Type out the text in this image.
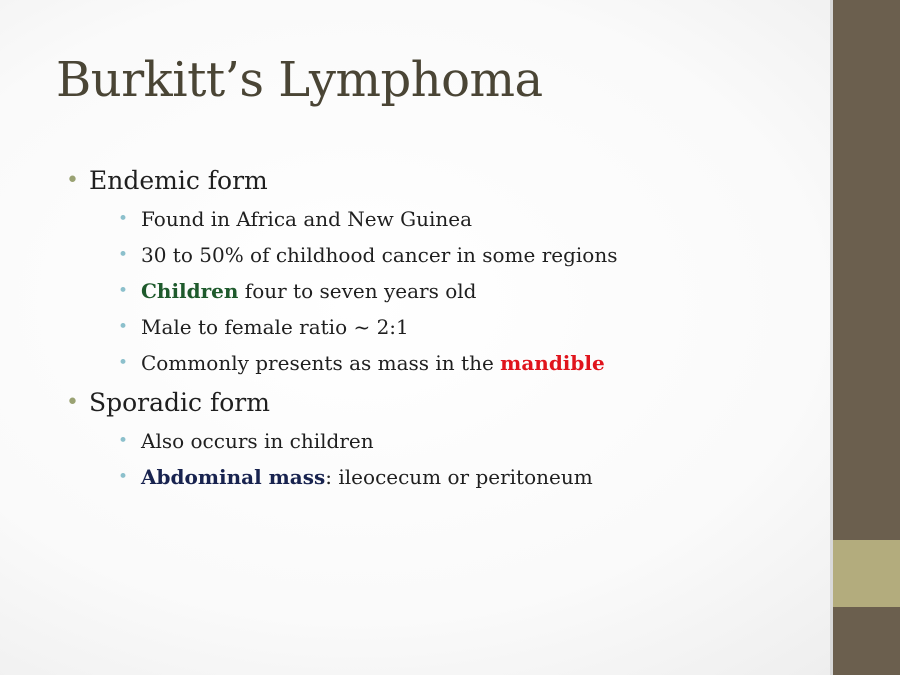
Burkitt’s Lymphoma
• Endemic form
• Found in Africa and New Guinea
• 30 to 50% of childhood cancer in some regions
• Children four to seven years old
• Male to female ratio ~ 2:1
• Commonly presents as mass in the mandible
• Sporadic form
• Also occurs in children
• Abdominal mass: ileocecum or peritoneum
